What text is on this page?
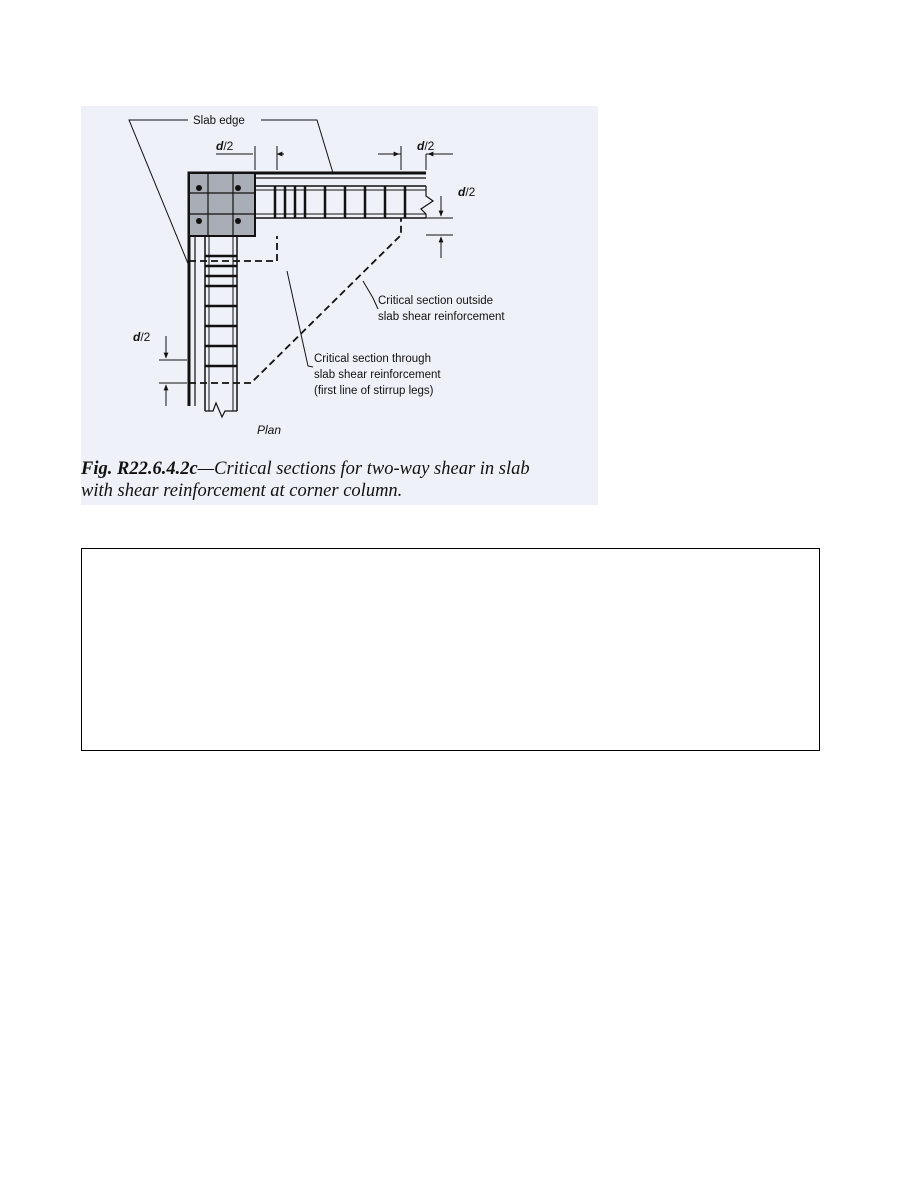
Slab edge
d/2	d/2
d/2
d/2
Critical section outside
slab shear reinforcement
Critical section through
slab shear reinforcement
(first line of stirrup legs)
Plan
Fig. R22.6.4.2c—Critical sections for two-way shear in slab
with shear reinforcement at corner column.
